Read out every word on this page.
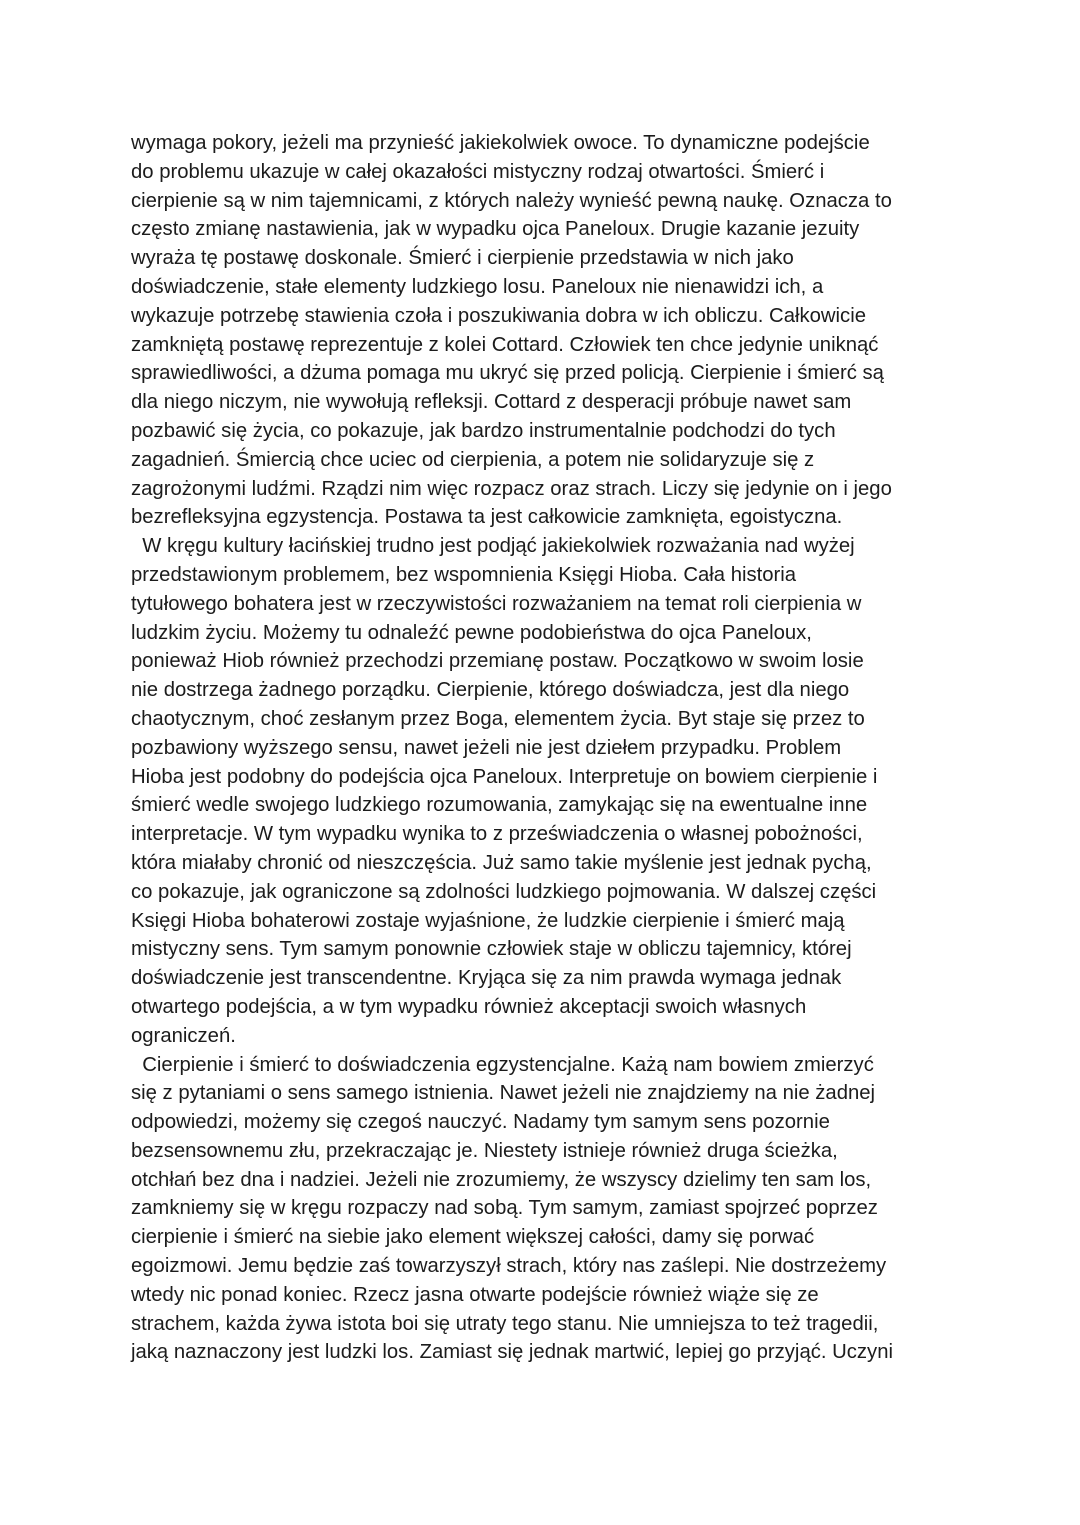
wymaga pokory, jeżeli ma przynieść jakiekolwiek owoce. To dynamiczne podejście
do problemu ukazuje w całej okazałości mistyczny rodzaj otwartości. Śmierć i
cierpienie są w nim tajemnicami, z których należy wynieść pewną naukę. Oznacza to
często zmianę nastawienia, jak w wypadku ojca Paneloux. Drugie kazanie jezuity
wyraża tę postawę doskonale. Śmierć i cierpienie przedstawia w nich jako
doświadczenie, stałe elementy ludzkiego losu. Paneloux nie nienawidzi ich, a
wykazuje potrzebę stawienia czoła i poszukiwania dobra w ich obliczu. Całkowicie
zamkniętą postawę reprezentuje z kolei Cottard. Człowiek ten chce jedynie uniknąć
sprawiedliwości, a dżuma pomaga mu ukryć się przed policją. Cierpienie i śmierć są
dla niego niczym, nie wywołują refleksji. Cottard z desperacji próbuje nawet sam
pozbawić się życia, co pokazuje, jak bardzo instrumentalnie podchodzi do tych
zagadnień. Śmiercią chce uciec od cierpienia, a potem nie solidaryzuje się z
zagrożonymi ludźmi. Rządzi nim więc rozpacz oraz strach. Liczy się jedynie on i jego
bezrefleksyjna egzystencja. Postawa ta jest całkowicie zamknięta, egoistyczna.
W kręgu kultury łacińskiej trudno jest podjąć jakiekolwiek rozważania nad wyżej
przedstawionym problemem, bez wspomnienia Księgi Hioba. Cała historia
tytułowego bohatera jest w rzeczywistości rozważaniem na temat roli cierpienia w
ludzkim życiu. Możemy tu odnaleźć pewne podobieństwa do ojca Paneloux,
ponieważ Hiob również przechodzi przemianę postaw. Początkowo w swoim losie
nie dostrzega żadnego porządku. Cierpienie, którego doświadcza, jest dla niego
chaotycznym, choć zesłanym przez Boga, elementem życia. Byt staje się przez to
pozbawiony wyższego sensu, nawet jeżeli nie jest dziełem przypadku. Problem
Hioba jest podobny do podejścia ojca Paneloux. Interpretuje on bowiem cierpienie i
śmierć wedle swojego ludzkiego rozumowania, zamykając się na ewentualne inne
interpretacje. W tym wypadku wynika to z przeświadczenia o własnej pobożności,
która miałaby chronić od nieszczęścia. Już samo takie myślenie jest jednak pychą,
co pokazuje, jak ograniczone są zdolności ludzkiego pojmowania. W dalszej części
Księgi Hioba bohaterowi zostaje wyjaśnione, że ludzkie cierpienie i śmierć mają
mistyczny sens. Tym samym ponownie człowiek staje w obliczu tajemnicy, której
doświadczenie jest transcendentne. Kryjąca się za nim prawda wymaga jednak
otwartego podejścia, a w tym wypadku również akceptacji swoich własnych
ograniczeń.
Cierpienie i śmierć to doświadczenia egzystencjalne. Każą nam bowiem zmierzyć
się z pytaniami o sens samego istnienia. Nawet jeżeli nie znajdziemy na nie żadnej
odpowiedzi, możemy się czegoś nauczyć. Nadamy tym samym sens pozornie
bezsensownemu złu, przekraczając je. Niestety istnieje również druga ścieżka,
otchłań bez dna i nadziei. Jeżeli nie zrozumiemy, że wszyscy dzielimy ten sam los,
zamkniemy się w kręgu rozpaczy nad sobą. Tym samym, zamiast spojrzeć poprzez
cierpienie i śmierć na siebie jako element większej całości, damy się porwać
egoizmowi. Jemu będzie zaś towarzyszył strach, który nas zaślepi. Nie dostrzeżemy
wtedy nic ponad koniec. Rzecz jasna otwarte podejście również wiąże się ze
strachem, każda żywa istota boi się utraty tego stanu. Nie umniejsza to też tragedii,
jaką naznaczony jest ludzki los. Zamiast się jednak martwić, lepiej go przyjąć. Uczyni
